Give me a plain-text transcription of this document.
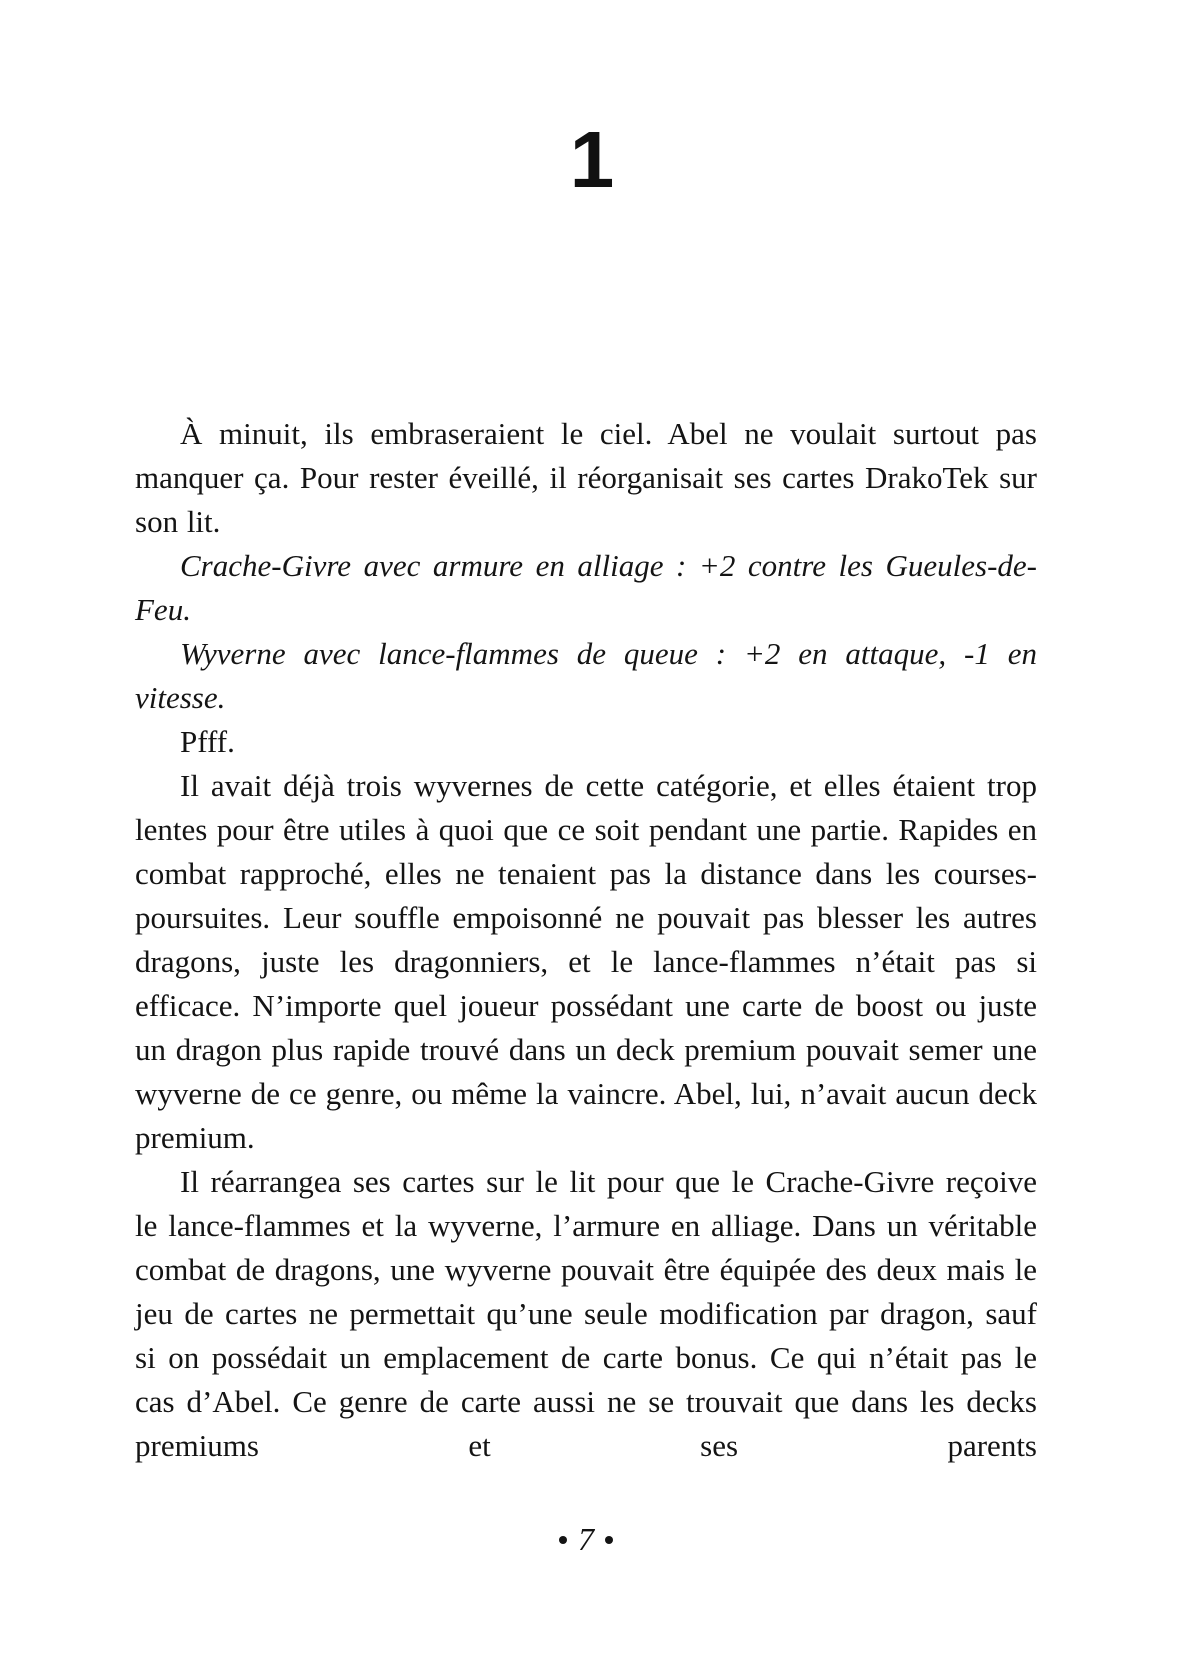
1

À minuit, ils embraseraient le ciel. Abel ne voulait surtout pas manquer ça. Pour rester éveillé, il réorganisait ses cartes DrakoTek sur son lit.

Crache-Givre avec armure en alliage : +2 contre les Gueules-de-Feu.

Wyverne avec lance-flammes de queue : +2 en attaque, -1 en vitesse.

Pfff.

Il avait déjà trois wyvernes de cette catégorie, et elles étaient trop lentes pour être utiles à quoi que ce soit pendant une partie. Rapides en combat rapproché, elles ne tenaient pas la distance dans les courses-poursuites. Leur souffle empoisonné ne pouvait pas blesser les autres dragons, juste les dragonniers, et le lance-flammes n’était pas si efficace. N’importe quel joueur possédant une carte de boost ou juste un dragon plus rapide trouvé dans un deck premium pouvait semer une wyverne de ce genre, ou même la vaincre. Abel, lui, n’avait aucun deck premium.

Il réarrangea ses cartes sur le lit pour que le Crache-Givre reçoive le lance-flammes et la wyverne, l’armure en alliage. Dans un véritable combat de dragons, une wyverne pouvait être équipée des deux mais le jeu de cartes ne permettait qu’une seule modification par dragon, sauf si on possédait un emplacement de carte bonus. Ce qui n’était pas le cas d’Abel. Ce genre de carte aussi ne se trouvait que dans les decks premiums et ses parents

7
